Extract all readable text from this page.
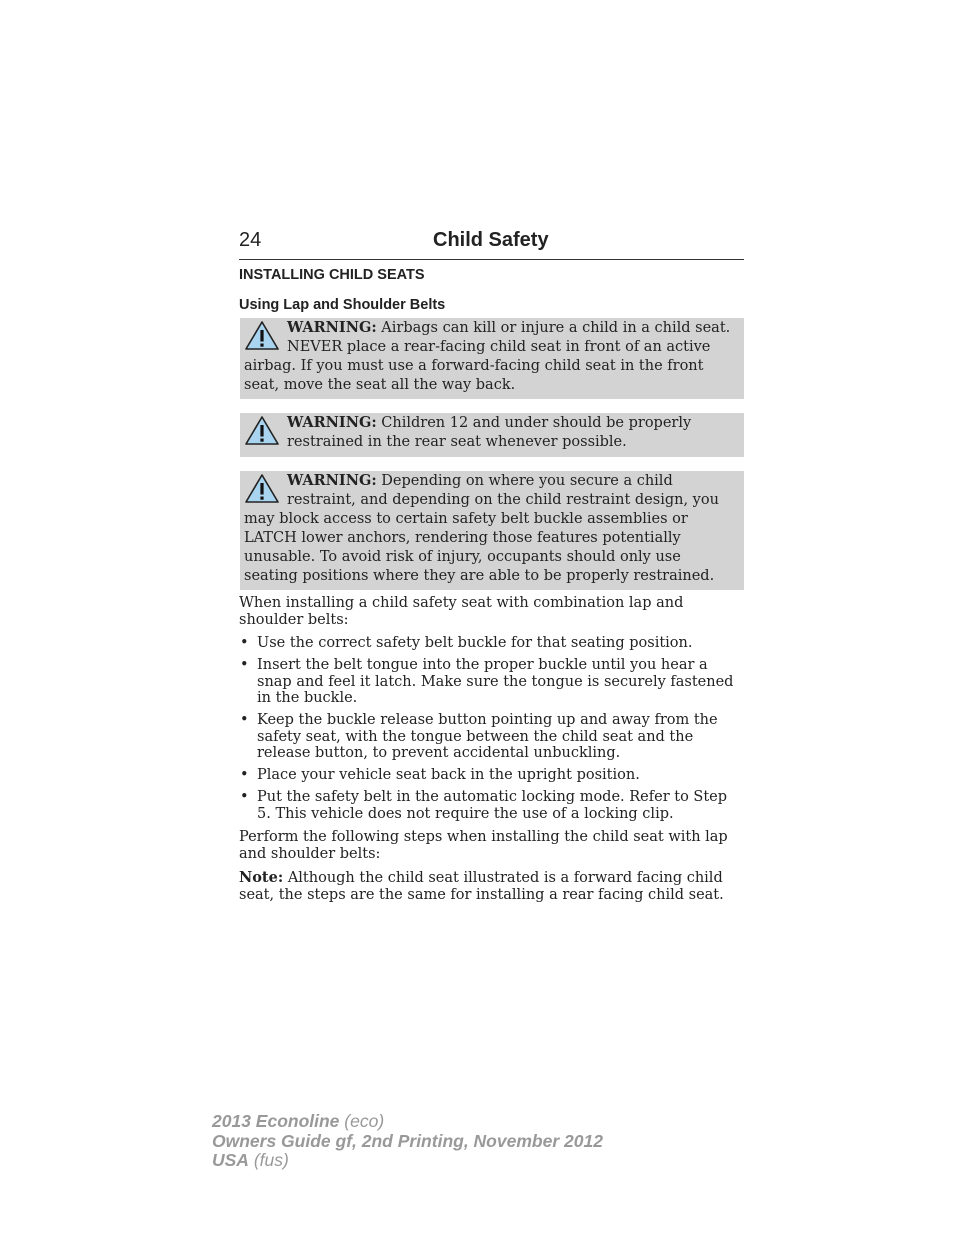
24	Child Safety
INSTALLING CHILD SEATS
Using Lap and Shoulder Belts
WARNING: Airbags can kill or injure a child in a child seat. NEVER place a rear-facing child seat in front of an active airbag. If you must use a forward-facing child seat in the front seat, move the seat all the way back.
WARNING: Children 12 and under should be properly restrained in the rear seat whenever possible.
WARNING: Depending on where you secure a child restraint, and depending on the child restraint design, you may block access to certain safety belt buckle assemblies or LATCH lower anchors, rendering those features potentially unusable. To avoid risk of injury, occupants should only use seating positions where they are able to be properly restrained.

When installing a child safety seat with combination lap and shoulder belts:

• Use the correct safety belt buckle for that seating position.
• Insert the belt tongue into the proper buckle until you hear a snap and feel it latch. Make sure the tongue is securely fastened in the buckle.
• Keep the buckle release button pointing up and away from the safety seat, with the tongue between the child seat and the release button, to prevent accidental unbuckling.
• Place your vehicle seat back in the upright position.
• Put the safety belt in the automatic locking mode. Refer to Step 5. This vehicle does not require the use of a locking clip.

Perform the following steps when installing the child seat with lap and shoulder belts:

Note: Although the child seat illustrated is a forward facing child seat, the steps are the same for installing a rear facing child seat.

2013 Econoline (eco)
Owners Guide gf, 2nd Printing, November 2012
USA (fus)
